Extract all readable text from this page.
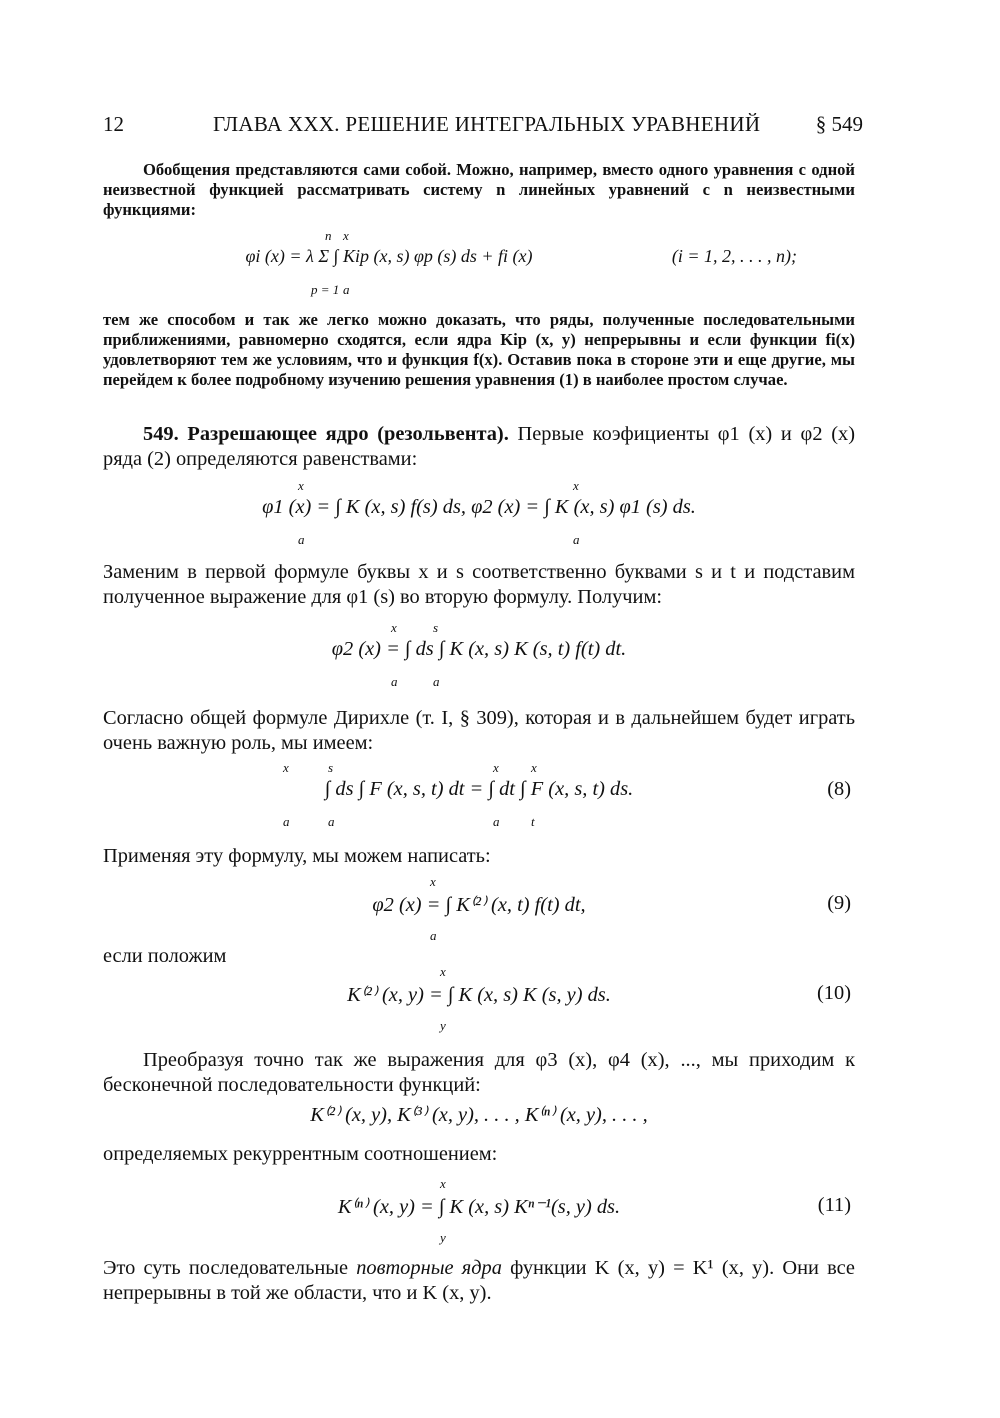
12	ГЛАВА XXX. РЕШЕНИЕ ИНТЕГРАЛЬНЫХ УРАВНЕНИЙ	§ 549

Обобщения представляются сами собой. Можно, например, вместо одного уравнения с одной неизвестной функцией рассматривать систему n линейных уравнений с n неизвестными функциями:

n x
φi (x) = λ Σ ∫ Kip (x, s) φp (s) ds + fi (x)
p = 1 a
(i = 1, 2, . . . , n);

тем же способом и так же легко можно доказать, что ряды, полученные последовательными приближениями, равномерно сходятся, если ядра Kip (x, y) непрерывны и если функции fi(x) удовлетворяют тем же условиям, что и функция f(x). Оставив пока в стороне эти и еще другие, мы перейдем к более подробному изучению решения уравнения (1) в наиболее простом случае.

549. Разрешающее ядро (резольвента). Первые коэфициенты φ1 (x) и φ2 (x) ряда (2) определяются равенствами:

x	x
φ1 (x) = ∫ K (x, s) f(s) ds, φ2 (x) = ∫ K (x, s) φ1 (s) ds.
a	a

Заменим в первой формуле буквы x и s соответственно буквами s и t и подставим полученное выражение для φ1 (s) во вторую формулу. Получим:

x	s
φ2 (x) = ∫ ds ∫ K (x, s) K (s, t) f(t) dt.
a	a

Согласно общей формуле Дирихле (т. I, § 309), которая и в дальнейшем будет играть очень важную роль, мы имеем:

x	s	x x
∫ ds ∫ F (x, s, t) dt = ∫ dt ∫ F (x, s, t) ds.
a	a	a t
(8)

Применяя эту формулу, мы можем написать:

x
φ2 (x) = ∫ K⁽²⁾ (x, t) f(t) dt,
a
(9)

если положим

x
K⁽²⁾ (x, y) = ∫ K (x, s) K (s, y) ds.
y
(10)

Преобразуя точно так же выражения для φ3 (x), φ4 (x), ..., мы приходим к бесконечной последовательности функций:

K⁽²⁾ (x, y), K⁽³⁾ (x, y), . . . , K⁽ⁿ⁾ (x, y), . . . ,

определяемых рекуррентным соотношением:

x
K⁽ⁿ⁾ (x, y) = ∫ K (x, s) Kⁿ⁻¹(s, y) ds.
y
(11)

Это суть последовательные повторные ядра функции K (x, y) = K¹ (x, y). Они все непрерывны в той же области, что и K (x, y).
